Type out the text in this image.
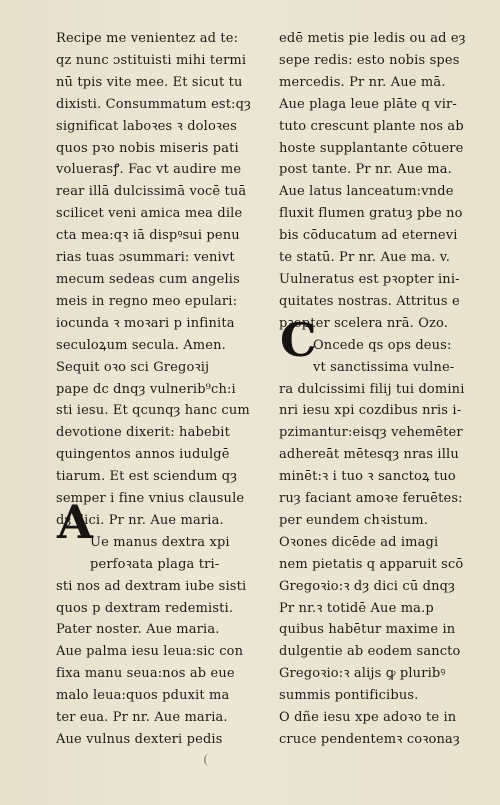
Recipe me venientez ad te:
qz nunc ɔstituisti mihi termi
nū tpis vite mee. Et sicut tu
dixisti. Consummatum est:qȝ
significat laboꝛes ꝛ doloꝛes
quos pꝛo nobis miseris pati
voluerasꝭ. Fac vt audire me
rear illā dulcissimā vocē tuā
scilicet veni amica mea dile
cta mea:qꝛ iā dispꝰsui penu
rias tuas ɔsummari: venivt
mecum sedeas cum angelis
meis in regno meo epulari:
iocunda ꝛ moꝛari p infinita
seculoꝝum secula. Amen.
Sequit oꝛo sci Gregoꝛij
pape dc dnqȝ vulnerib⁹ch:i
sti iesu. Et qcunqȝ hanc cum
devotione dixerit: habebit
quingentos annos iudulgē
tiarum. Et est sciendum qȝ
semper i fine vnius clausule
dȝ dici. Pr nr. Aue maria.
Ue manus dextra xpi
perfoꝛata plaga tri-
sti nos ad dextram iube sisti
quos p dextram redemisti.
Pater noster. Aue maria.
Aue palma iesu leua:sic con
fixa manu seua:nos ab eue
malo leua:quos pduxit ma
ter eua. Pr nr. Aue maria.
Aue vulnus dexteri pedis
edē metis pie ledis ou ad eȝ
sepe redis: esto nobis spes
mercedis. Pr nr. Aue mā.
Aue plaga leue plāte q vir-
tuto crescunt plante nos ab
hoste supplantante cōtuere
post tante. Pr nr. Aue ma.
Aue latus lanceatum:vnde
fluxit flumen gratuȝ pbe no
bis cōducatum ad eternevi
te statū. Pr nr. Aue ma. v.
Uulneratus est pꝛopter ini-
quitates nostras. Attritus e
pꝛopter scelera nrā. Ozo.
Oncede qs ops deus:
vt sanctissima vulne-
ra dulcissimi filij tui domini
nri iesu xpi cozdibus nris i-
pzimantur:eisqȝ vehemēter
adhereāt mētesqȝ nras illu
minēt:ꝛ i tuo ꝛ sanctoꝝ tuo
ruȝ faciant amoꝛe feruētes:
per eundem chꝛistum.
Oꝛones dicēde ad imagi
nem pietatis q apparuit scō
Gregoꝛio:ꝛ dȝ dici cū dnqȝ
Pr nr.ꝛ totidē Aue ma.p
quibus habētur maxime in
dulgentie ab eodem sancto
Gregoꝛio:ꝛ alijs ꝙ pluribꝰ
summis pontificibus.
O dñe iesu xpe adoꝛo te in
cruce pendentemꝛ coꝛonaȝ
A
C
⁽
